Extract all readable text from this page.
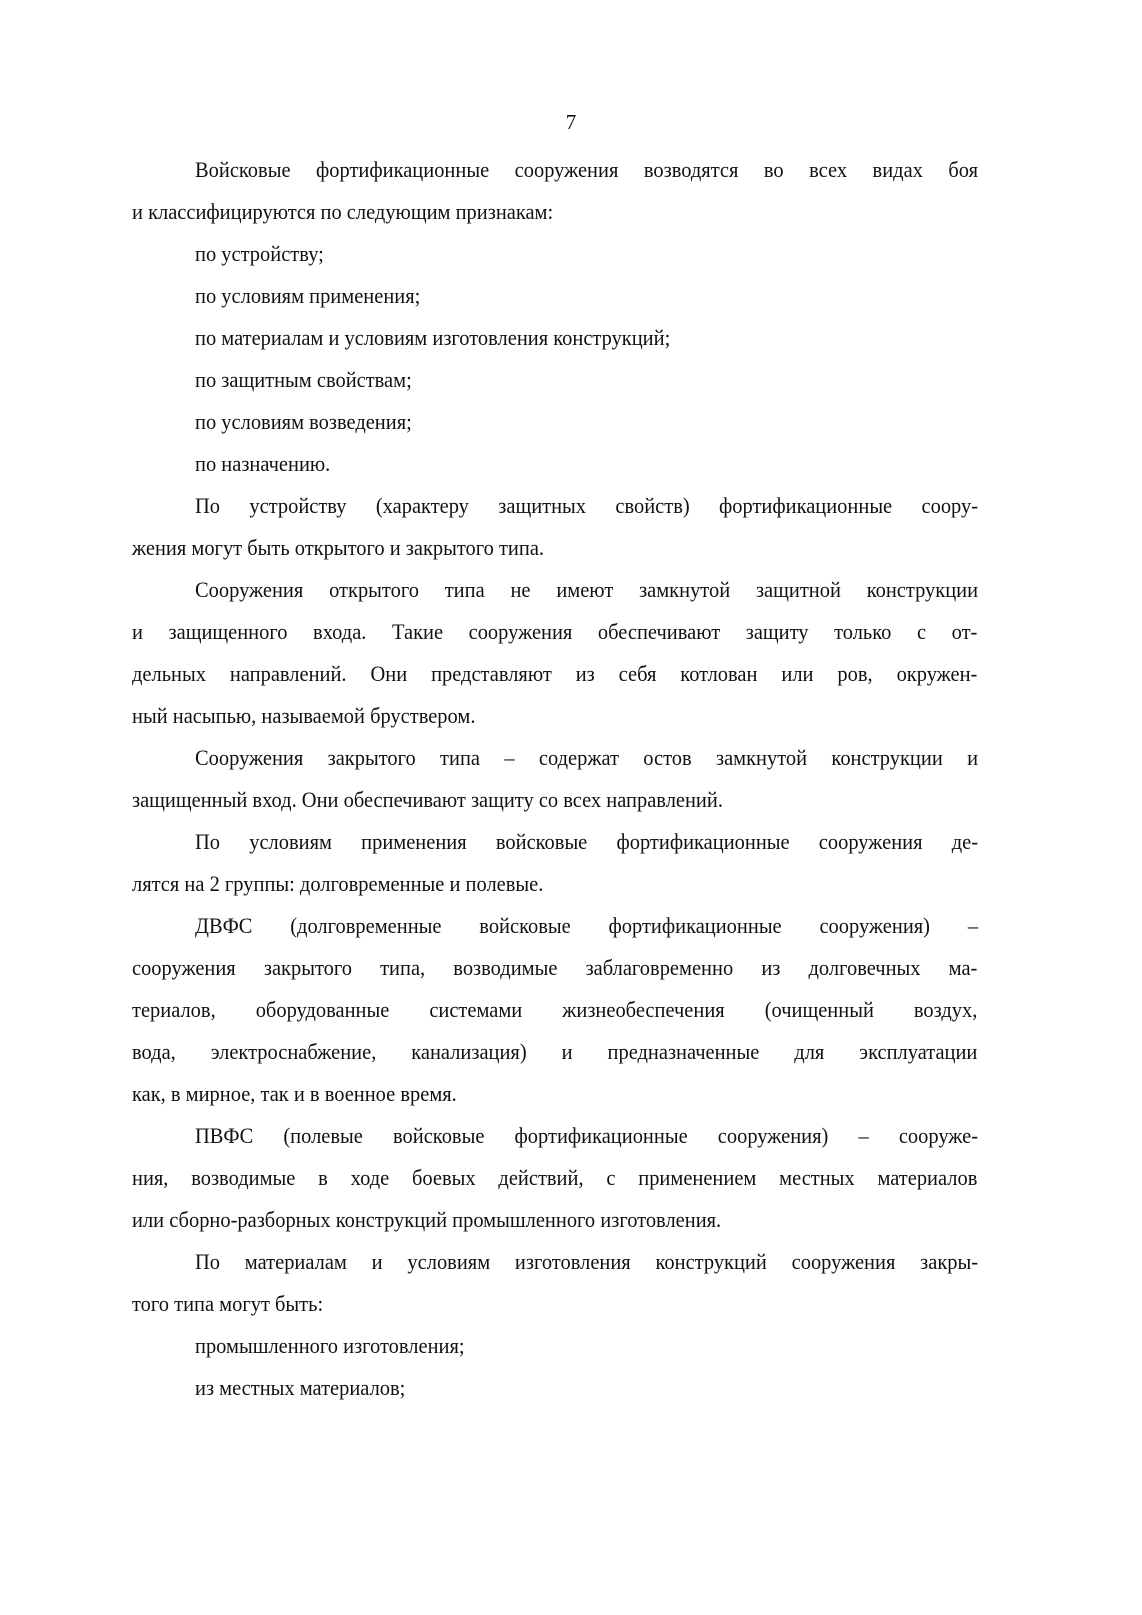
7
Войсковые фортификационные сооружения возводятся во всех видах боя
и классифицируются по следующим признакам:
по устройству;
по условиям применения;
по материалам и условиям изготовления конструкций;
по защитным свойствам;
по условиям возведения;
по назначению.
По устройству (характеру защитных свойств) фортификационные соору-
жения могут быть открытого и закрытого типа.
Сооружения открытого типа не имеют замкнутой защитной конструкции
и защищенного входа. Такие сооружения обеспечивают защиту только с от-
дельных направлений. Они представляют из себя котлован или ров, окружен-
ный насыпью, называемой бруствером.
Сооружения закрытого типа – содержат остов замкнутой конструкции и
защищенный вход. Они обеспечивают защиту со всех направлений.
По условиям применения войсковые фортификационные сооружения де-
лятся на 2 группы: долговременные и полевые.
ДВФС (долговременные войсковые фортификационные сооружения) –
сооружения закрытого типа, возводимые заблаговременно из долговечных ма-
териалов, оборудованные системами жизнеобеспечения (очищенный воздух,
вода, электроснабжение, канализация) и предназначенные для эксплуатации
как, в мирное, так и в военное время.
ПВФС (полевые войсковые фортификационные сооружения) – сооруже-
ния, возводимые в ходе боевых действий, с применением местных материалов
или сборно-разборных конструкций промышленного изготовления.
По материалам и условиям изготовления конструкций сооружения закры-
того типа могут быть:
промышленного изготовления;
из местных материалов;
